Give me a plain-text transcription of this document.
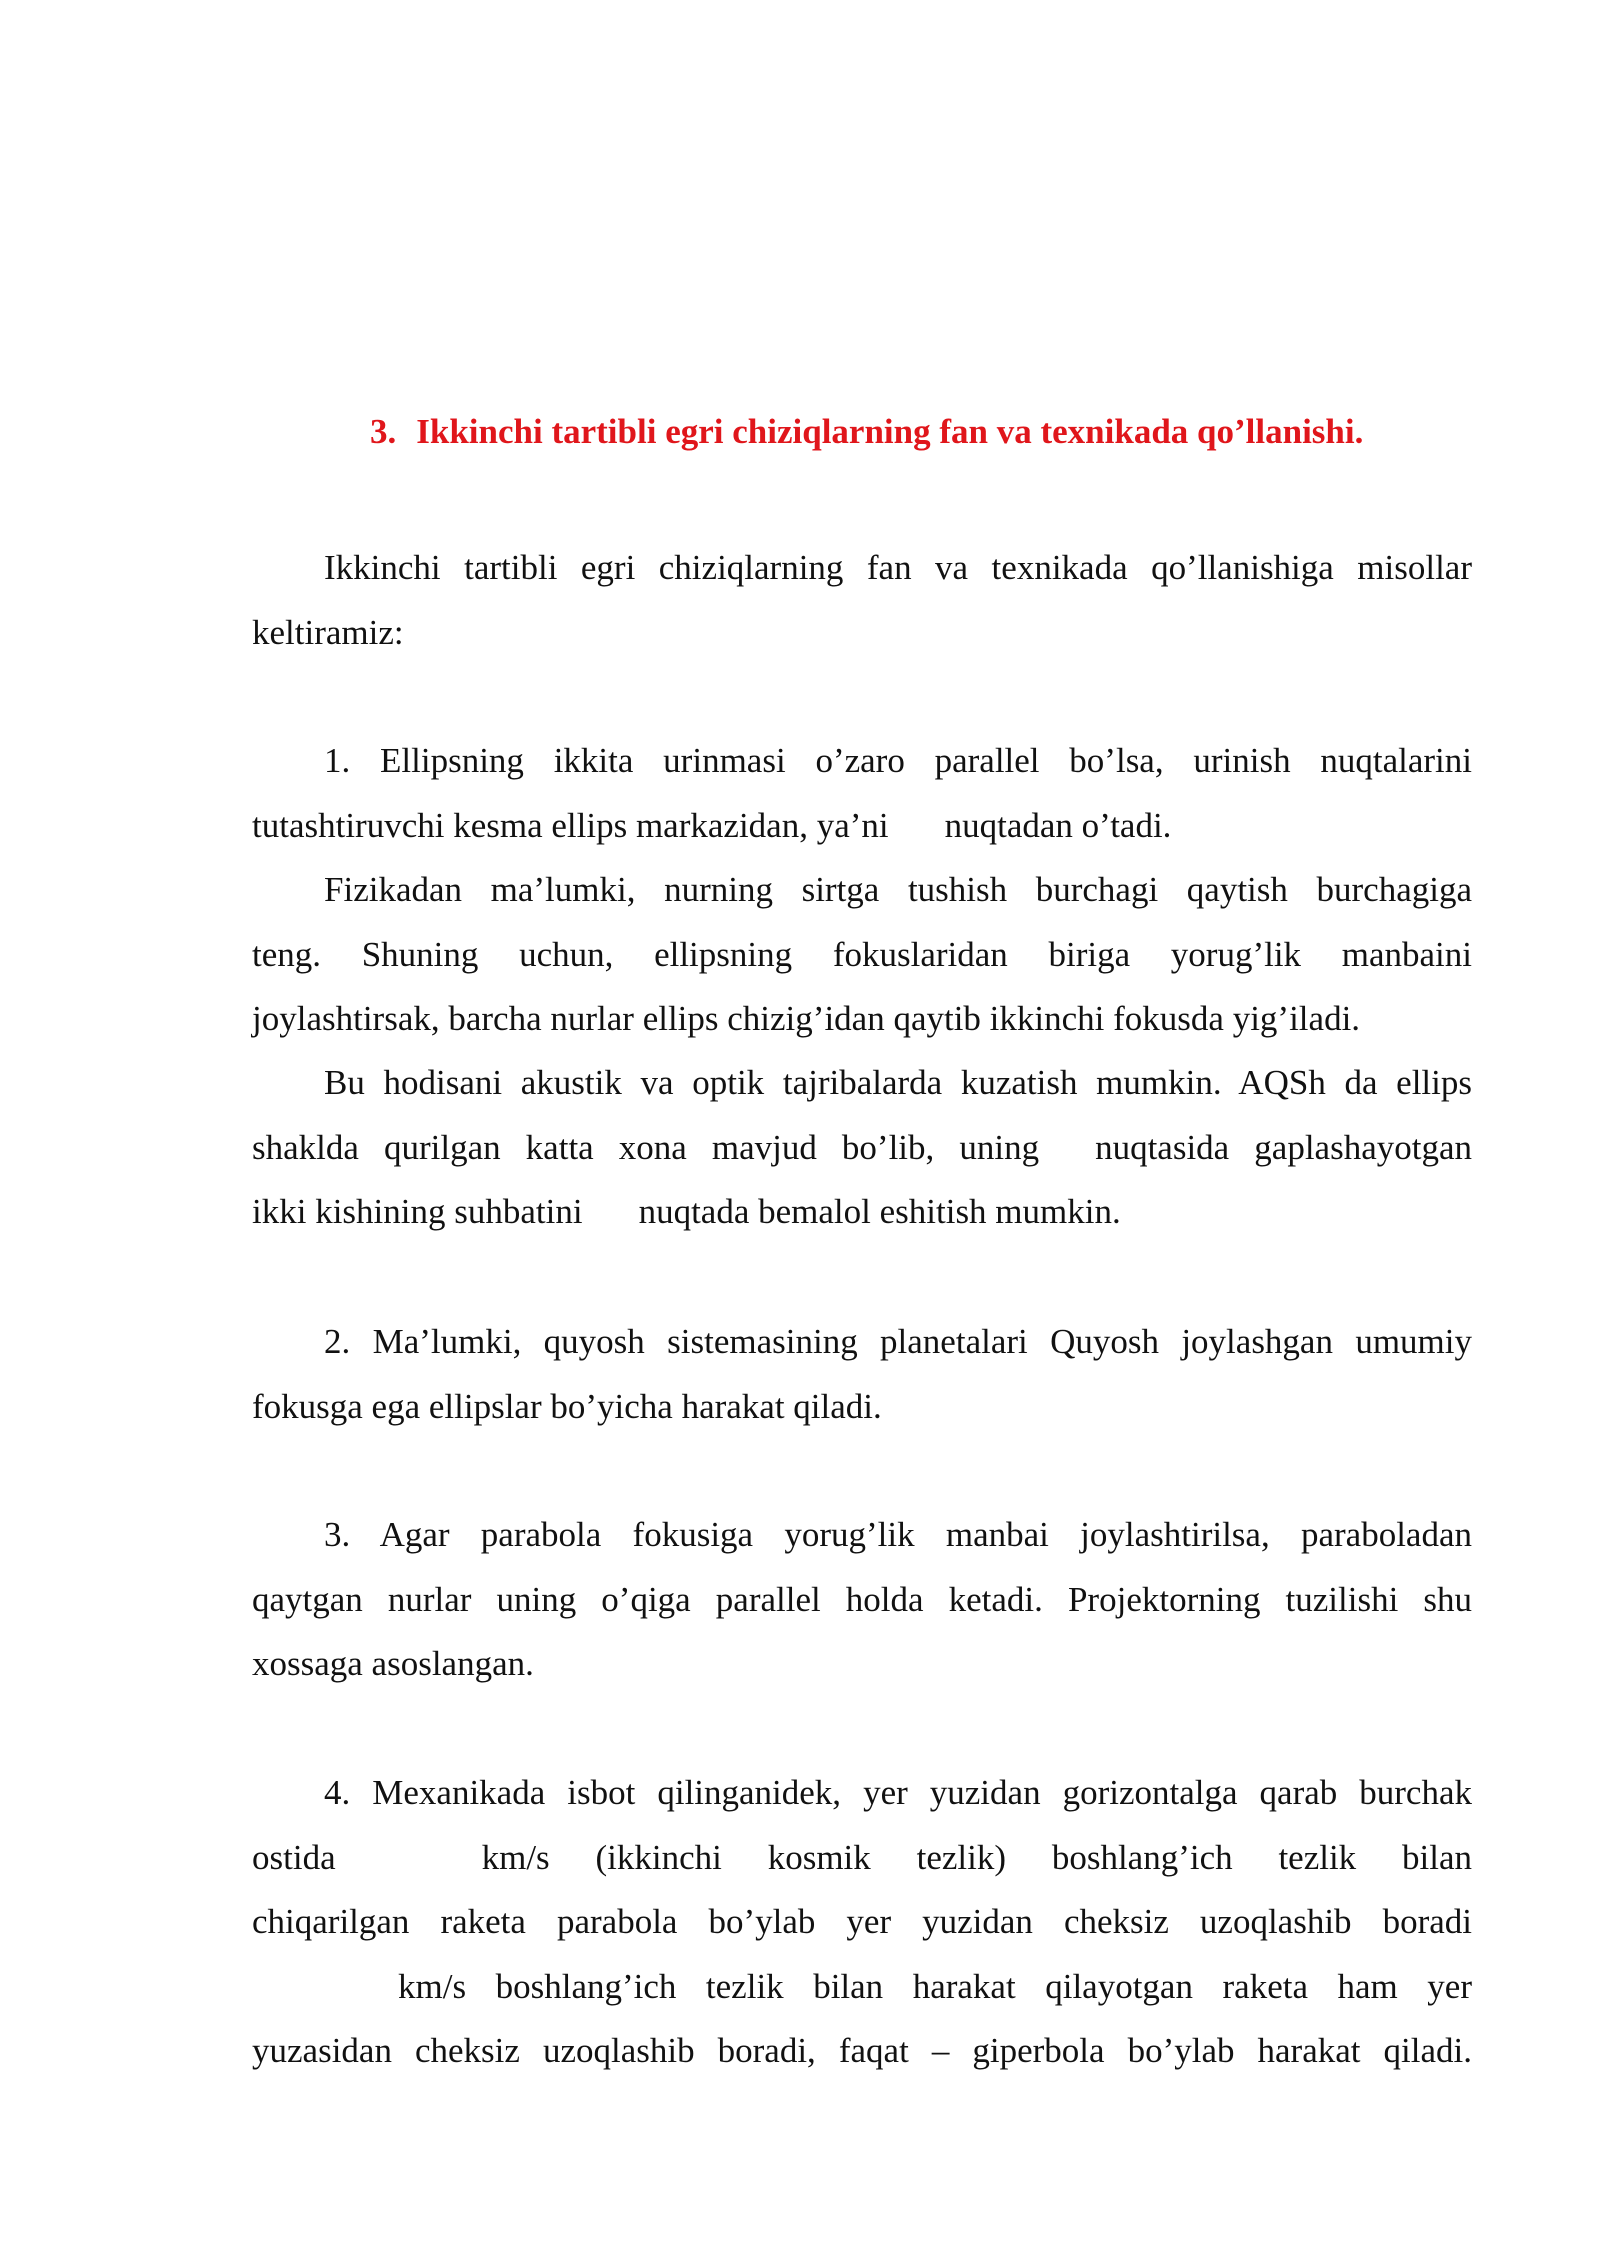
3. Ikkinchi tartibli egri chiziqlarning fan va texnikada qo’llanishi.
Ikkinchi tartibli egri chiziqlarning fan va texnikada qo’llanishiga misollar
keltiramiz:
1. Ellipsning ikkita urinmasi o’zaro parallel bo’lsa, urinish nuqtalarini
tutashtiruvchi kesma ellips markazidan, ya’ni nuqtadan o’tadi.
Fizikadan ma’lumki, nurning sirtga tushish burchagi qaytish burchagiga
teng. Shuning uchun, ellipsning fokuslaridan biriga yorug’lik manbaini
joylashtirsak, barcha nurlar ellips chizig’idan qaytib ikkinchi fokusda yig’iladi.
Bu hodisani akustik va optik tajribalarda kuzatish mumkin. AQSh da ellips
shaklda qurilgan katta xona mavjud bo’lib, uning nuqtasida gaplashayotgan
ikki kishining suhbatini nuqtada bemalol eshitish mumkin.
2. Ma’lumki, quyosh sistemasining planetalari Quyosh joylashgan umumiy
fokusga ega ellipslar bo’yicha harakat qiladi.
3. Agar parabola fokusiga yorug’lik manbai joylashtirilsa, paraboladan
qaytgan nurlar uning o’qiga parallel holda ketadi. Projektorning tuzilishi shu
xossaga asoslangan.
4. Mexanikada isbot qilinganidek, yer yuzidan gorizontalga qarab burchak
ostida	km/s (ikkinchi kosmik tezlik) boshlang’ich tezlik bilan
chiqarilgan raketa parabola bo’ylab yer yuzidan cheksiz uzoqlashib boradi
km/s boshlang’ich tezlik bilan harakat qilayotgan raketa ham yer
yuzasidan cheksiz uzoqlashib boradi, faqat – giperbola bo’ylab harakat qiladi.
